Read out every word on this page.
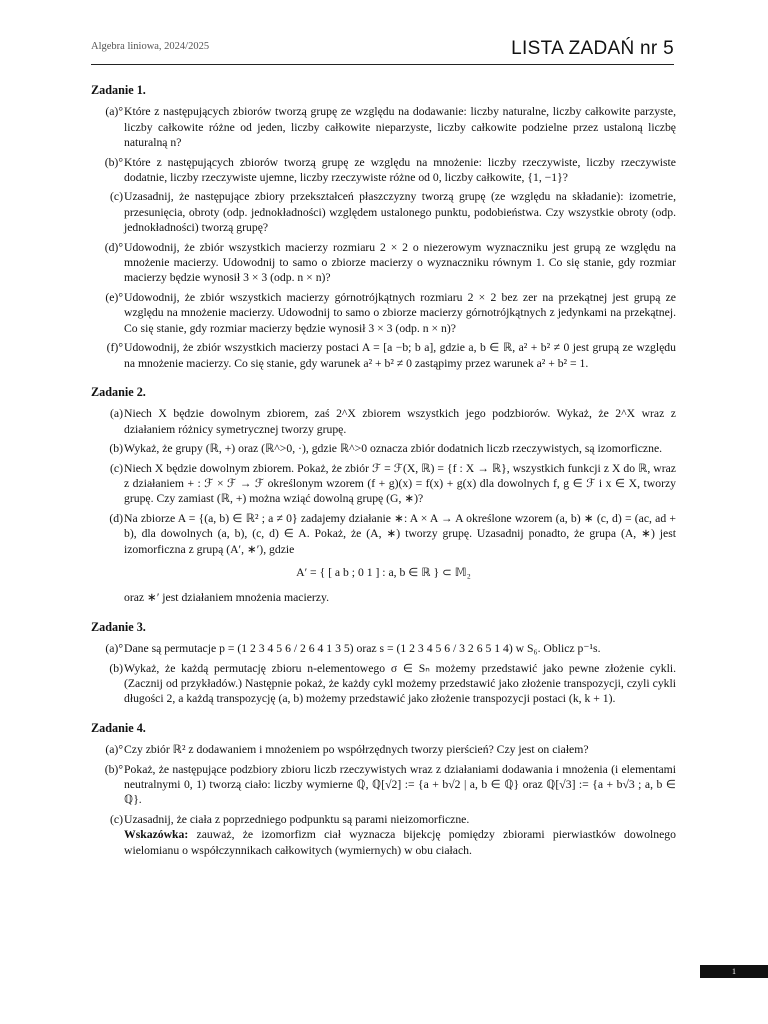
Algebra liniowa, 2024/2025	LISTA ZADAŃ nr 5
Zadanie 1.
(a)° Które z następujących zbiorów tworzą grupę ze względu na dodawanie: liczby naturalne, liczby całkowite parzyste, liczby całkowite różne od jeden, liczby całkowite nieparzyste, liczby całkowite podzielne przez ustaloną liczbę naturalną n?
(b)° Które z następujących zbiorów tworzą grupę ze względu na mnożenie: liczby rzeczywiste, liczby rzeczywiste dodatnie, liczby rzeczywiste ujemne, liczby rzeczywiste różne od 0, liczby całkowite, {1, −1}?
(c) Uzasadnij, że następujące zbiory przekształceń płaszczyzny tworzą grupę (ze względu na składanie): izometrie, przesunięcia, obroty (odp. jednokładności) względem ustalonego punktu, podobieństwa. Czy wszystkie obroty (odp. jednokładności) tworzą grupę?
(d)° Udowodnij, że zbiór wszystkich macierzy rozmiaru 2 × 2 o niezerowym wyznaczniku jest grupą ze względu na mnożenie macierzy. Udowodnij to samo o zbiorze macierzy o wyznaczniku równym 1. Co się stanie, gdy rozmiar macierzy będzie wynosił 3 × 3 (odp. n × n)?
(e)° Udowodnij, że zbiór wszystkich macierzy górnotrójkątnych rozmiaru 2 × 2 bez zer na przekątnej jest grupą ze względu na mnożenie macierzy. Udowodnij to samo o zbiorze macierzy górnotrójkątnych z jedynkami na przekątnej. Co się stanie, gdy rozmiar macierzy będzie wynosił 3 × 3 (odp. n × n)?
(f)° Udowodnij, że zbiór wszystkich macierzy postaci A = [a −b; b a], gdzie a, b ∈ ℝ, a² + b² ≠ 0 jest grupą ze względu na mnożenie macierzy. Co się stanie, gdy warunek a² + b² ≠ 0 zastąpimy przez warunek a² + b² = 1.
Zadanie 2.
(a) Niech X będzie dowolnym zbiorem, zaś 2^X zbiorem wszystkich jego podzbiorów. Wykaż, że 2^X wraz z działaniem różnicy symetrycznej tworzy grupę.
(b) Wykaż, że grupy (ℝ, +) oraz (ℝ^>0, ·), gdzie ℝ^>0 oznacza zbiór dodatnich liczb rzeczywistych, są izomorficzne.
(c) Niech X będzie dowolnym zbiorem. Pokaż, że zbiór ℱ = ℱ(X, ℝ) = {f : X → ℝ}, wszystkich funkcji z X do ℝ, wraz z działaniem + : ℱ × ℱ → ℱ określonym wzorem (f + g)(x) = f(x) + g(x) dla dowolnych f, g ∈ ℱ i x ∈ X, tworzy grupę. Czy zamiast (ℝ, +) można wziąć dowolną grupę (G, ∗)?
(d) Na zbiorze A = {(a, b) ∈ ℝ² ; a ≠ 0} zadajemy działanie ∗: A × A → A określone wzorem (a, b) ∗ (c, d) = (ac, ad + b), dla dowolnych (a, b), (c, d) ∈ A. Pokaż, że (A, ∗) tworzy grupę. Uzasadnij ponadto, że grupa (A, ∗) jest izomorficzna z grupą (A′, ∗′), gdzie
A′ = { [ a b ; 0 1 ] : a, b ∈ ℝ } ⊂ 𝕄₂
oraz ∗′ jest działaniem mnożenia macierzy.
Zadanie 3.
(a)° Dane są permutacje p = (1 2 3 4 5 6 / 2 6 4 1 3 5) oraz s = (1 2 3 4 5 6 / 3 2 6 5 1 4) w S₆. Oblicz p⁻¹s.
(b) Wykaż, że każdą permutację zbioru n-elementowego σ ∈ Sₙ możemy przedstawić jako pewne złożenie cykli. (Zacznij od przykładów.) Następnie pokaż, że każdy cykl możemy przedstawić jako złożenie transpozycji, czyli cykli długości 2, a każdą transpozycję (a, b) możemy przedstawić jako złożenie transpozycji postaci (k, k + 1).
Zadanie 4.
(a)° Czy zbiór ℝ² z dodawaniem i mnożeniem po współrzędnych tworzy pierścień? Czy jest on ciałem?
(b)° Pokaż, że następujące podzbiory zbioru liczb rzeczywistych wraz z działaniami dodawania i mnożenia (i elementami neutralnymi 0, 1) tworzą ciało: liczby wymierne ℚ, ℚ[√2] := {a + b√2 | a, b ∈ ℚ} oraz ℚ[√3] := {a + b√3 ; a, b ∈ ℚ}.
(c) Uzasadnij, że ciała z poprzedniego podpunktu są parami nieizomorficzne.
Wskazówka: zauważ, że izomorfizm ciał wyznacza bijekcję pomiędzy zbiorami pierwiastków dowolnego wielomianu o współczynnikach całkowitych (wymiernych) w obu ciałach.
1
